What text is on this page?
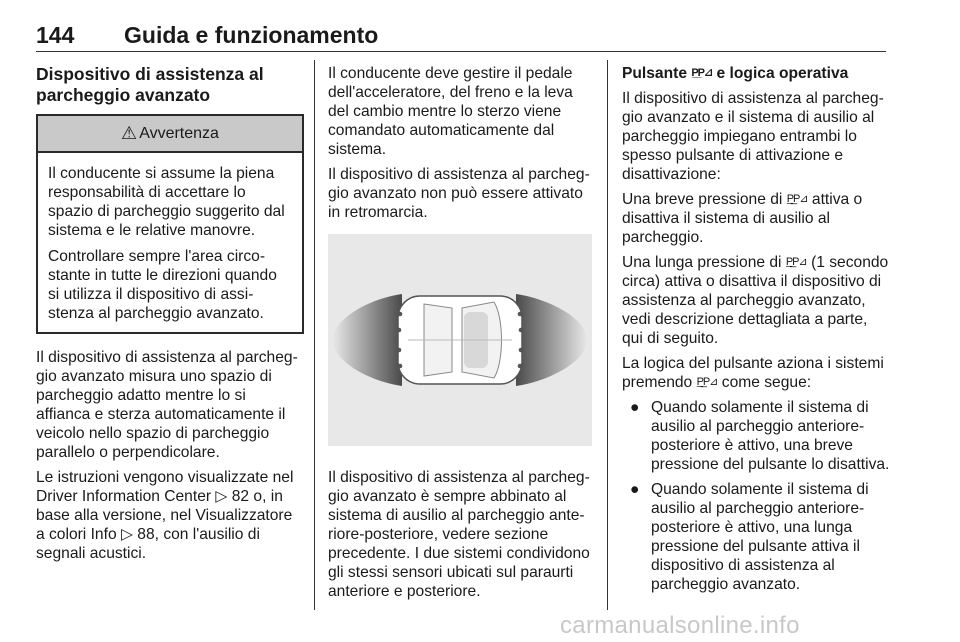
144 Guida e funzionamento
Dispositivo di assistenza al parcheggio avanzato
⚠ Avvertenza

Il conducente si assume la piena responsabilità di accettare lo spazio di parcheggio suggerito dal sistema e le relative manovre.

Controllare sempre l'area circostante in tutte le direzioni quando si utilizza il dispositivo di assistenza al parcheggio avanzato.

Il dispositivo di assistenza al parcheggio avanzato misura uno spazio di parcheggio adatto mentre lo si affianca e sterza automaticamente il veicolo nello spazio di parcheggio parallelo o perpendicolare.

Le istruzioni vengono visualizzate nel Driver Information Center ▷ 82 o, in base alla versione, nel Visualizzatore a colori Info ▷ 88, con l'ausilio di segnali acustici.

Il conducente deve gestire il pedale dell'acceleratore, del freno e la leva del cambio mentre lo sterzo viene comandato automaticamente dal sistema.

Il dispositivo di assistenza al parcheggio avanzato non può essere attivato in retromarcia.

Il dispositivo di assistenza al parcheggio avanzato è sempre abbinato al sistema di ausilio al parcheggio anteriore-posteriore, vedere sezione precedente. I due sistemi condividono gli stessi sensori ubicati sul paraurti anteriore e posteriore.

Pulsante P̲̲P⊿ e logica operativa

Il dispositivo di assistenza al parcheggio avanzato e il sistema di ausilio al parcheggio impiegano entrambi lo spesso pulsante di attivazione e disattivazione:

Una breve pressione di P̲̲P⊿ attiva o disattiva il sistema di ausilio al parcheggio.

Una lunga pressione di P̲̲P⊿ (1 secondo circa) attiva o disattiva il dispositivo di assistenza al parcheggio avanzato, vedi descrizione dettagliata a parte, qui di seguito.

La logica del pulsante aziona i sistemi premendo P̲̲P⊿ come segue:

● Quando solamente il sistema di ausilio al parcheggio anteriore-posteriore è attivo, una breve pressione del pulsante lo disattiva.
● Quando solamente il sistema di ausilio al parcheggio anteriore-posteriore è attivo, una lunga pressione del pulsante attiva il dispositivo di assistenza al parcheggio avanzato.
carmanualsonline.info
